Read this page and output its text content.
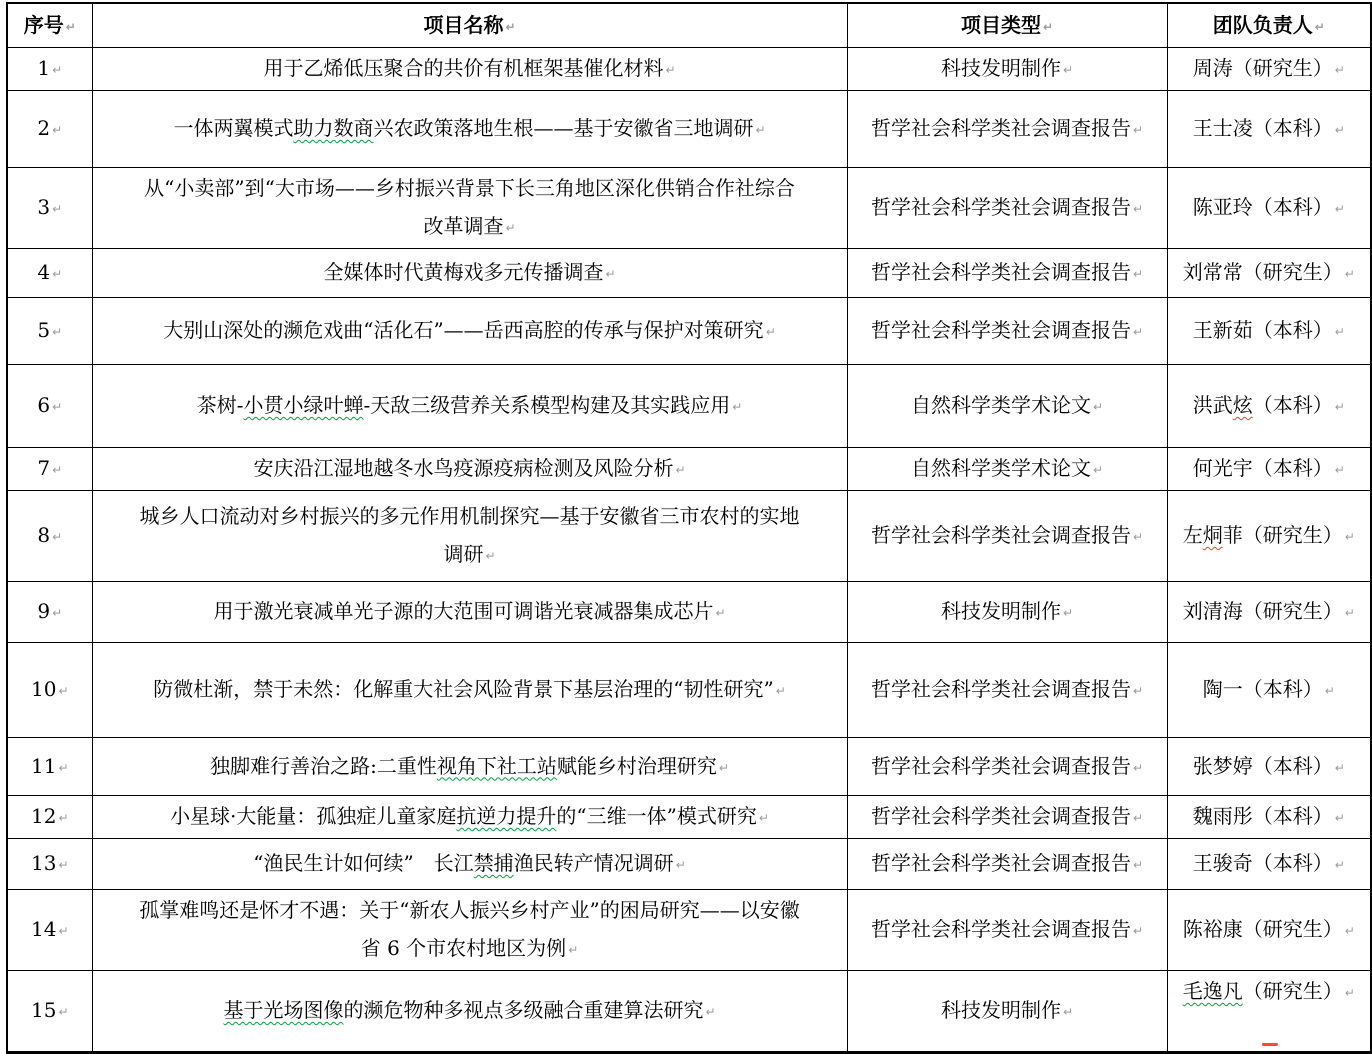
序号 ↵	项目名称 ↵	项目类型 ↵	团队负责人 ↵
1 ↵	用于乙烯低压聚合的共价有机框架基催化材料 ↵	科技发明制作 ↵	周涛（研究生） ↵
2 ↵	一体两翼模式助力数商兴农政策落地生根——基于安徽省三地调研 ↵	哲学社会科学类社会调查报告 ↵	王士凌（本科） ↵
3 ↵	从“小卖部”到“大市场——乡村振兴背景下长三角地区深化供销合作社综合
改革调查 ↵	哲学社会科学类社会调查报告 ↵	陈亚玲（本科） ↵
4 ↵	全媒体时代黄梅戏多元传播调查 ↵	哲学社会科学类社会调查报告 ↵	刘常常（研究生） ↵
5 ↵	大别山深处的濒危戏曲“活化石”——岳西高腔的传承与保护对策研究 ↵	哲学社会科学类社会调查报告 ↵	王新茹（本科） ↵
6 ↵	茶树-小贯小绿叶蝉-天敌三级营养关系模型构建及其实践应用 ↵	自然科学类学术论文 ↵	洪武炫（本科） ↵
7 ↵	安庆沿江湿地越冬水鸟疫源疫病检测及风险分析 ↵	自然科学类学术论文 ↵	何光宇（本科） ↵
8 ↵	城乡人口流动对乡村振兴的多元作用机制探究—基于安徽省三市农村的实地
调研 ↵	哲学社会科学类社会调查报告 ↵	左烔菲（研究生） ↵
9 ↵	用于激光衰减单光子源的大范围可调谐光衰减器集成芯片 ↵	科技发明制作 ↵	刘清海（研究生） ↵
10 ↵	防微杜渐，禁于未然：化解重大社会风险背景下基层治理的“韧性研究” ↵	哲学社会科学类社会调查报告 ↵	陶一（本科） ↵
11 ↵	独脚难行善治之路:二重性视角下社工站赋能乡村治理研究 ↵	哲学社会科学类社会调查报告 ↵	张梦婷（本科） ↵
12 ↵	小星球·大能量：孤独症儿童家庭抗逆力提升的“三维一体”模式研究 ↵	哲学社会科学类社会调查报告 ↵	魏雨彤（本科） ↵
13 ↵	“渔民生计如何续”　长江禁捕渔民转产情况调研 ↵	哲学社会科学类社会调查报告 ↵	王骏奇（本科） ↵
14 ↵	孤掌难鸣还是怀才不遇：关于“新农人振兴乡村产业”的困局研究——以安徽
省 6 个市农村地区为例 ↵	哲学社会科学类社会调查报告 ↵	陈裕康（研究生） ↵
15 ↵	基于光场图像的濒危物种多视点多级融合重建算法研究 ↵	科技发明制作 ↵	毛逸凡（研究生） ↵
